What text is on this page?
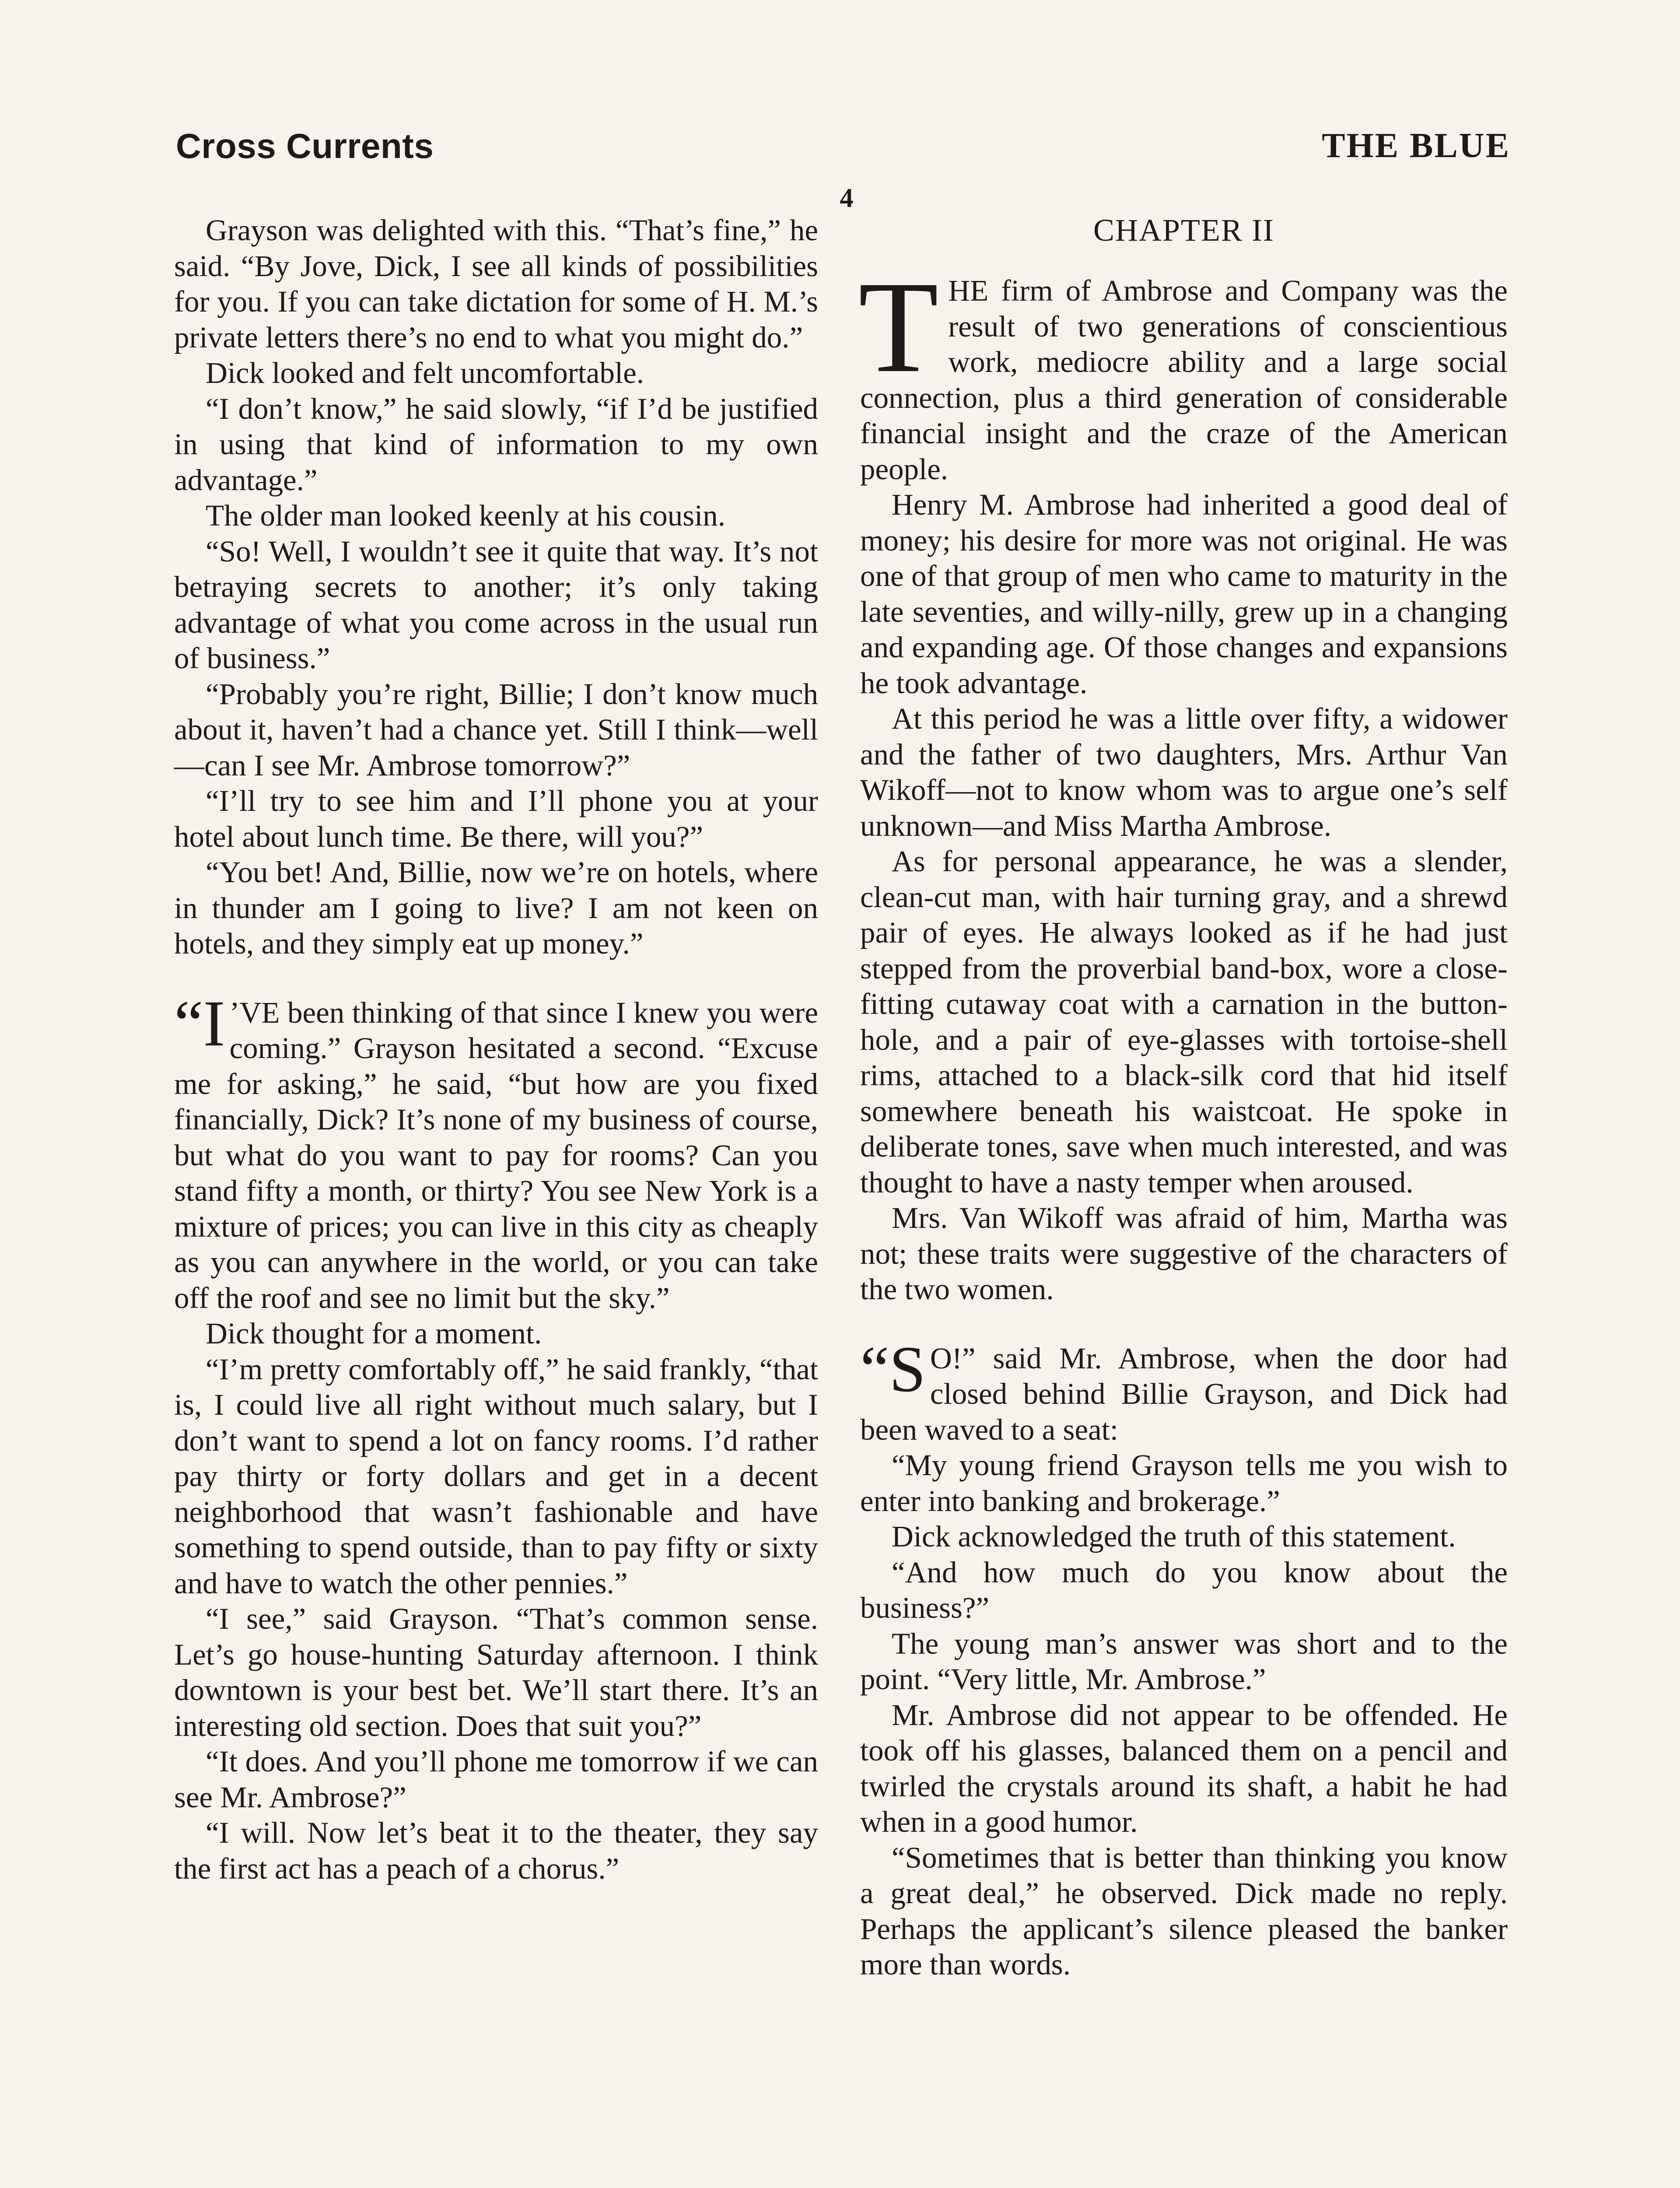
Cross Currents	THE BLUE
4

Grayson was delighted with this. “That’s fine,” he said. “By Jove, Dick, I see all kinds of possibilities for you. If you can take dictation for some of H. M.’s private letters there’s no end to what you might do.”

Dick looked and felt uncomfortable.

“I don’t know,” he said slowly, “if I’d be justified in using that kind of information to my own advantage.”

The older man looked keenly at his cousin.

“So! Well, I wouldn’t see it quite that way. It’s not betraying secrets to another; it’s only taking advantage of what you come across in the usual run of business.”

“Probably you’re right, Billie; I don’t know much about it, haven’t had a chance yet. Still I think—well—can I see Mr. Ambrose tomorrow?”

“I’ll try to see him and I’ll phone you at your hotel about lunch time. Be there, will you?”

“You bet! And, Billie, now we’re on hotels, where in thunder am I going to live? I am not keen on hotels, and they simply eat up money.”

“I ’VE been thinking of that since I knew you were coming.” Grayson hesitated a second. “Excuse me for asking,” he said, “but how are you fixed financially, Dick? It’s none of my business of course, but what do you want to pay for rooms? Can you stand fifty a month, or thirty? You see New York is a mixture of prices; you can live in this city as cheaply as you can anywhere in the world, or you can take off the roof and see no limit but the sky.”

Dick thought for a moment.

“I’m pretty comfortably off,” he said frankly, “that is, I could live all right without much salary, but I don’t want to spend a lot on fancy rooms. I’d rather pay thirty or forty dollars and get in a decent neighborhood that wasn’t fashionable and have something to spend outside, than to pay fifty or sixty and have to watch the other pennies.”

“I see,” said Grayson. “That’s common sense. Let’s go house-hunting Saturday afternoon. I think downtown is your best bet. We’ll start there. It’s an interesting old section. Does that suit you?”

“It does. And you’ll phone me tomorrow if we can see Mr. Ambrose?”

“I will. Now let’s beat it to the theater, they say the first act has a peach of a chorus.”

CHAPTER II

THE firm of Ambrose and Company was the result of two generations of conscientious work, mediocre ability and a large social connection, plus a third generation of considerable financial insight and the craze of the American people.

Henry M. Ambrose had inherited a good deal of money; his desire for more was not original. He was one of that group of men who came to maturity in the late seventies, and willy-nilly, grew up in a changing and expanding age. Of those changes and expansions he took advantage.

At this period he was a little over fifty, a widower and the father of two daughters, Mrs. Arthur Van Wikoff—not to know whom was to argue one’s self unknown—and Miss Martha Ambrose.

As for personal appearance, he was a slender, clean-cut man, with hair turning gray, and a shrewd pair of eyes. He always looked as if he had just stepped from the proverbial band-box, wore a close-fitting cutaway coat with a carnation in the button-hole, and a pair of eye-glasses with tortoise-shell rims, attached to a black-silk cord that hid itself somewhere beneath his waistcoat. He spoke in deliberate tones, save when much interested, and was thought to have a nasty temper when aroused.

Mrs. Van Wikoff was afraid of him, Martha was not; these traits were suggestive of the characters of the two women.

“S O!” said Mr. Ambrose, when the door had closed behind Billie Grayson, and Dick had been waved to a seat:

“My young friend Grayson tells me you wish to enter into banking and brokerage.”

Dick acknowledged the truth of this statement.

“And how much do you know about the business?”

The young man’s answer was short and to the point. “Very little, Mr. Ambrose.”

Mr. Ambrose did not appear to be offended. He took off his glasses, balanced them on a pencil and twirled the crystals around its shaft, a habit he had when in a good humor.

“Sometimes that is better than thinking you know a great deal,” he observed. Dick made no reply. Perhaps the applicant’s silence pleased the banker more than words.
